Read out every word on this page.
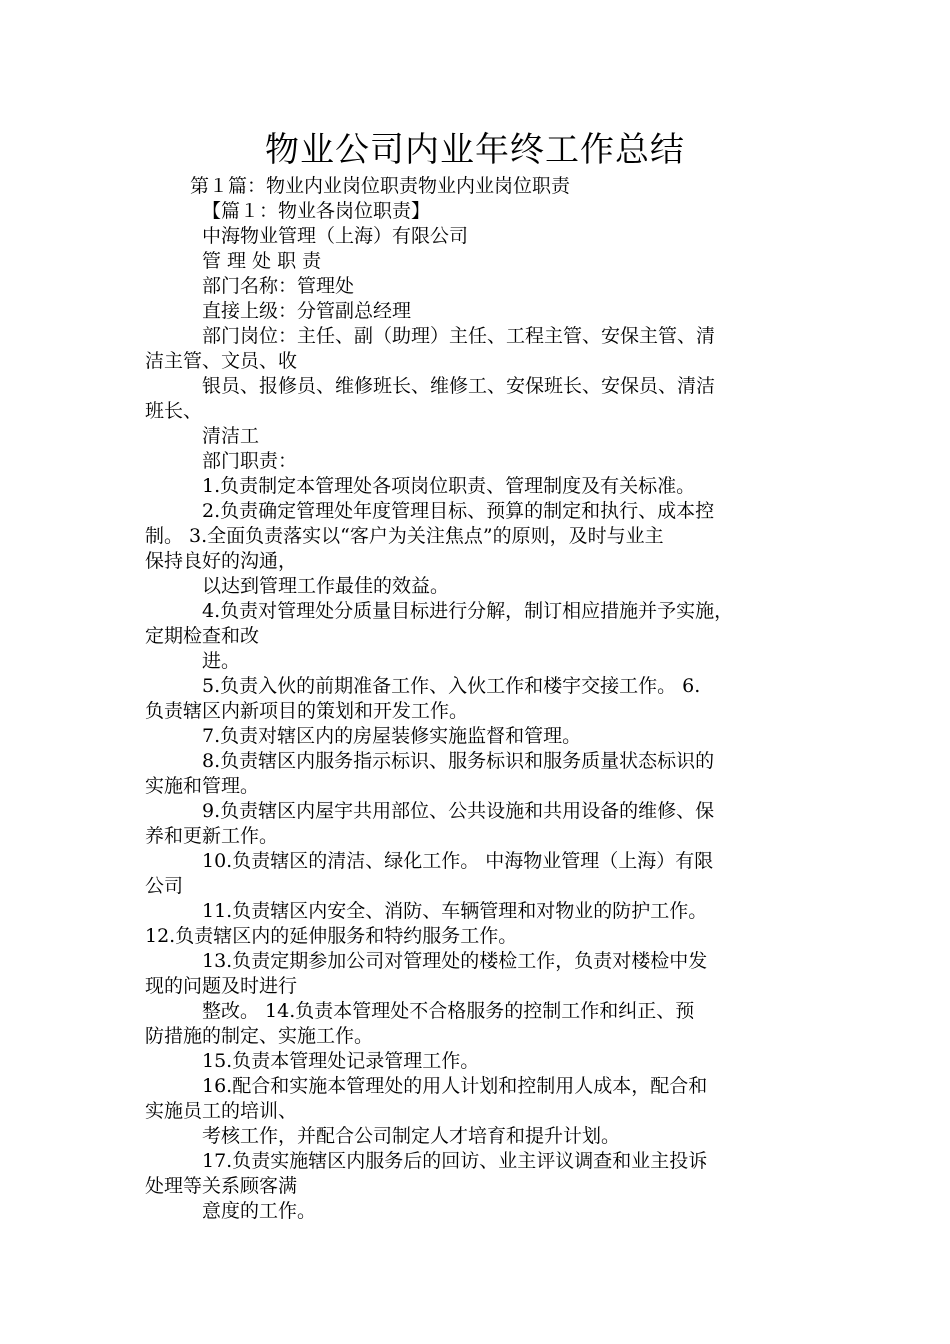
物业公司内业年终工作总结
第１篇：物业内业岗位职责物业内业岗位职责
【篇１：物业各岗位职责】
中海物业管理（上海）有限公司
管 理 处 职 责
部门名称：管理处
直接上级：分管副总经理
部门岗位：主任、副（助理）主任、工程主管、安保主管、清
洁主管、文员、收
银员、报修员、维修班长、维修工、安保班长、安保员、清洁
班长、
清洁工
部门职责：
1.负责制定本管理处各项岗位职责、管理制度及有关标准。
2.负责确定管理处年度管理目标、预算的制定和执行、成本控
制。 3.全面负责落实以“客户为关注焦点”的原则，及时与业主
保持良好的沟通，
以达到管理工作最佳的效益。
4.负责对管理处分质量目标进行分解，制订相应措施并予实施，
定期检查和改
进。
5.负责入伙的前期准备工作、入伙工作和楼宇交接工作。 6.
负责辖区内新项目的策划和开发工作。
7.负责对辖区内的房屋装修实施监督和管理。
8.负责辖区内服务指示标识、服务标识和服务质量状态标识的
实施和管理。
9.负责辖区内屋宇共用部位、公共设施和共用设备的维修、保
养和更新工作。
10.负责辖区的清洁、绿化工作。 中海物业管理（上海）有限
公司
11.负责辖区内安全、消防、车辆管理和对物业的防护工作。
12.负责辖区内的延伸服务和特约服务工作。
13.负责定期参加公司对管理处的楼检工作，负责对楼检中发
现的问题及时进行
整改。 14.负责本管理处不合格服务的控制工作和纠正、预
防措施的制定、实施工作。
15.负责本管理处记录管理工作。
16.配合和实施本管理处的用人计划和控制用人成本，配合和
实施员工的培训、
考核工作，并配合公司制定人才培育和提升计划。
17.负责实施辖区内服务后的回访、业主评议调查和业主投诉
处理等关系顾客满
意度的工作。
